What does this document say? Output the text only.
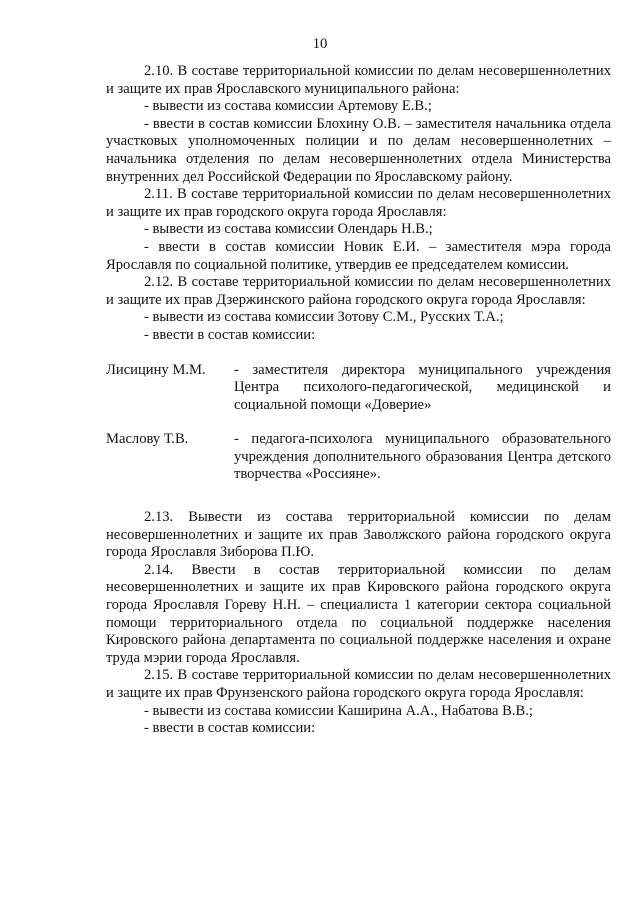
10

2.10. В составе территориальной комиссии по делам несовершеннолетних и защите их прав Ярославского муниципального района:

- вывести из состава комиссии Артемову Е.В.;

- ввести в состав комиссии Блохину О.В. – заместителя начальника отдела участковых уполномоченных полиции и по делам несовершеннолетних – начальника отделения по делам несовершеннолетних отдела Министерства внутренних дел Российской Федерации по Ярославскому району.

2.11. В составе территориальной комиссии по делам несовершеннолетних и защите их прав городского округа города Ярославля:

- вывести из состава комиссии Олендарь Н.В.;

- ввести в состав комиссии Новик Е.И. – заместителя мэра города Ярославля по социальной политике, утвердив ее председателем комиссии.

2.12. В составе территориальной комиссии по делам несовершеннолетних и защите их прав Дзержинского района городского округа города Ярославля:

- вывести из состава комиссии Зотову С.М., Русских Т.А.;

- ввести в состав комиссии:

Лисицину М.М.	- заместителя директора муниципального учреждения Центра психолого-педагогической, медицинской и социальной помощи «Доверие»
Маслову Т.В.	- педагога-психолога муниципального образовательного учреждения дополнительного образования Центра детского творчества «Россияне».

2.13. Вывести из состава территориальной комиссии по делам несовершеннолетних и защите их прав Заволжского района городского округа города Ярославля Зиборова П.Ю.

2.14. Ввести в состав территориальной комиссии по делам несовершеннолетних и защите их прав Кировского района городского округа города Ярославля Гореву Н.Н. – специалиста 1 категории сектора социальной помощи территориального отдела по социальной поддержке населения Кировского района департамента по социальной поддержке населения и охране труда мэрии города Ярославля.

2.15. В составе территориальной комиссии по делам несовершеннолетних и защите их прав Фрунзенского района городского округа города Ярославля:

- вывести из состава комиссии Каширина А.А., Набатова В.В.;

- ввести в состав комиссии:
